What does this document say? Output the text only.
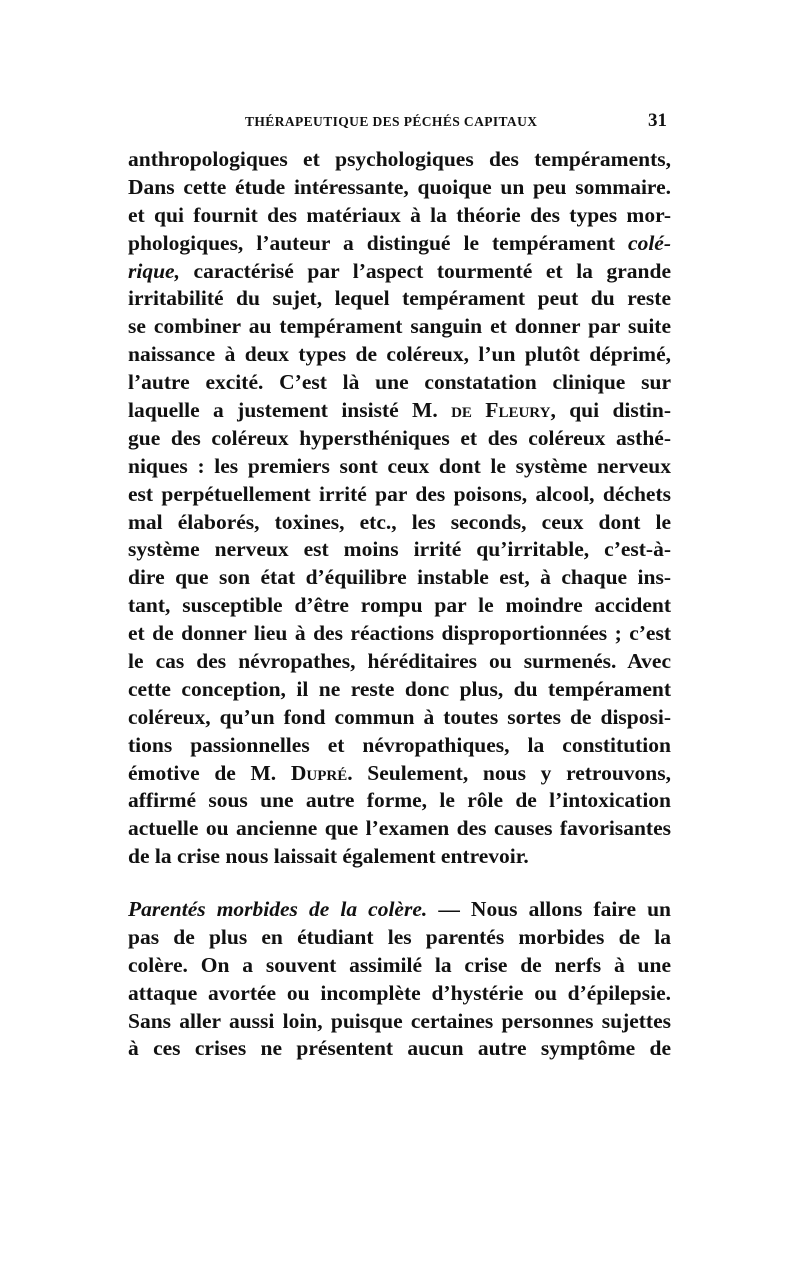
THÉRAPEUTIQUE DES PÉCHÉS CAPITAUX	31
anthropologiques et psychologiques des tempéraments,
Dans cette étude intéressante, quoique un peu sommaire.
et qui fournit des matériaux à la théorie des types mor-
phologiques, l’auteur a distingué le tempérament colé-
rique, caractérisé par l’aspect tourmenté et la grande
irritabilité du sujet, lequel tempérament peut du reste
se combiner au tempérament sanguin et donner par suite
naissance à deux types de coléreux, l’un plutôt déprimé,
l’autre excité. C’est là une constatation clinique sur
laquelle a justement insisté M. de Fleury, qui distin-
gue des coléreux hypersthéniques et des coléreux asthé-
niques : les premiers sont ceux dont le système nerveux
est perpétuellement irrité par des poisons, alcool, déchets
mal élaborés, toxines, etc., les seconds, ceux dont le
système nerveux est moins irrité qu’irritable, c’est-à-
dire que son état d’équilibre instable est, à chaque ins-
tant, susceptible d’être rompu par le moindre accident
et de donner lieu à des réactions disproportionnées ; c’est
le cas des névropathes, héréditaires ou surmenés. Avec
cette conception, il ne reste donc plus, du tempérament
coléreux, qu’un fond commun à toutes sortes de disposi-
tions passionnelles et névropathiques, la constitution
émotive de M. Dupré. Seulement, nous y retrouvons,
affirmé sous une autre forme, le rôle de l’intoxication
actuelle ou ancienne que l’examen des causes favorisantes
de la crise nous laissait également entrevoir.
Parentés morbides de la colère. — Nous allons faire un
pas de plus en étudiant les parentés morbides de la
colère. On a souvent assimilé la crise de nerfs à une
attaque avortée ou incomplète d’hystérie ou d’épilepsie.
Sans aller aussi loin, puisque certaines personnes sujettes
à ces crises ne présentent aucun autre symptôme de
